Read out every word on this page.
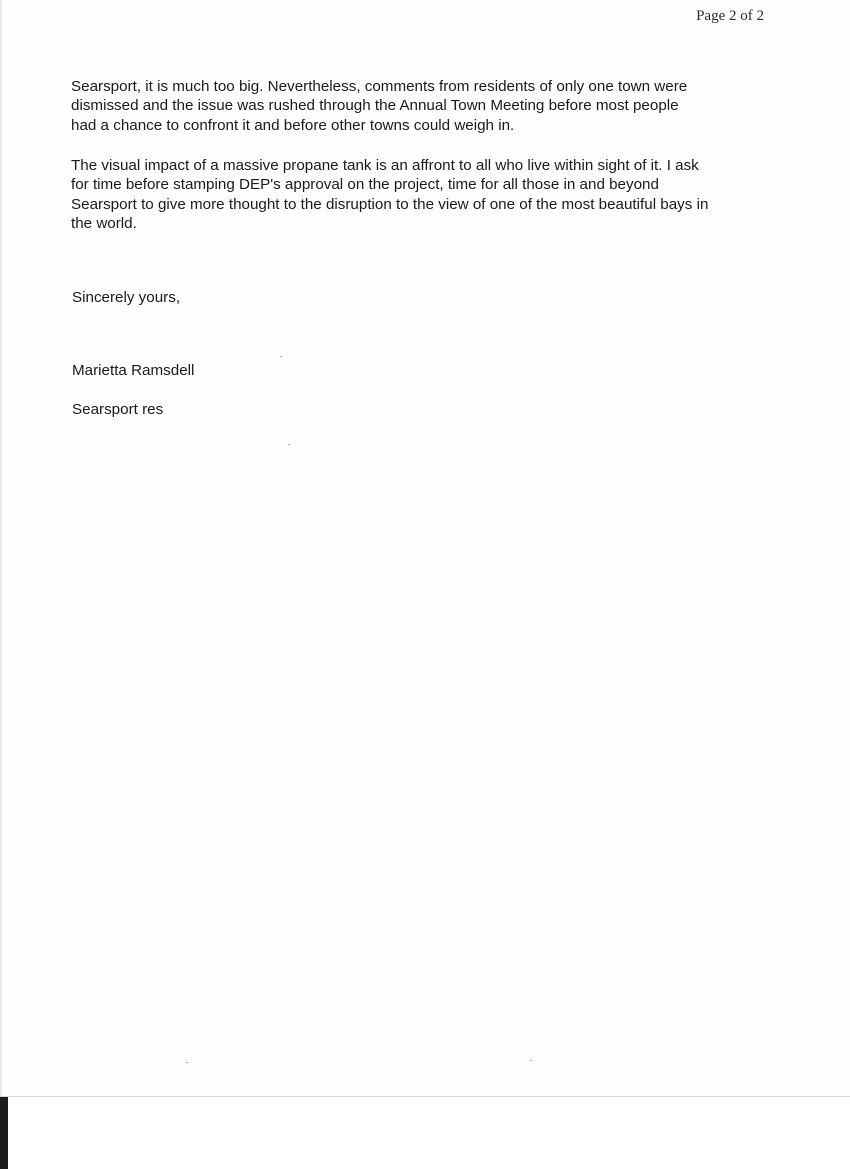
Page 2 of 2

Searsport, it is much too big. Nevertheless, comments from residents of only one town were
dismissed and the issue was rushed through the Annual Town Meeting before most people
had a chance to confront it and before other towns could weigh in.

The visual impact of a massive propane tank is an affront to all who live within sight of it. I ask
for time before stamping DEP's approval on the project, time for all those in and beyond
Searsport to give more thought to the disruption to the view of one of the most beautiful bays in
the world.

Sincerely yours,

Marietta Ramsdell

Searsport res
